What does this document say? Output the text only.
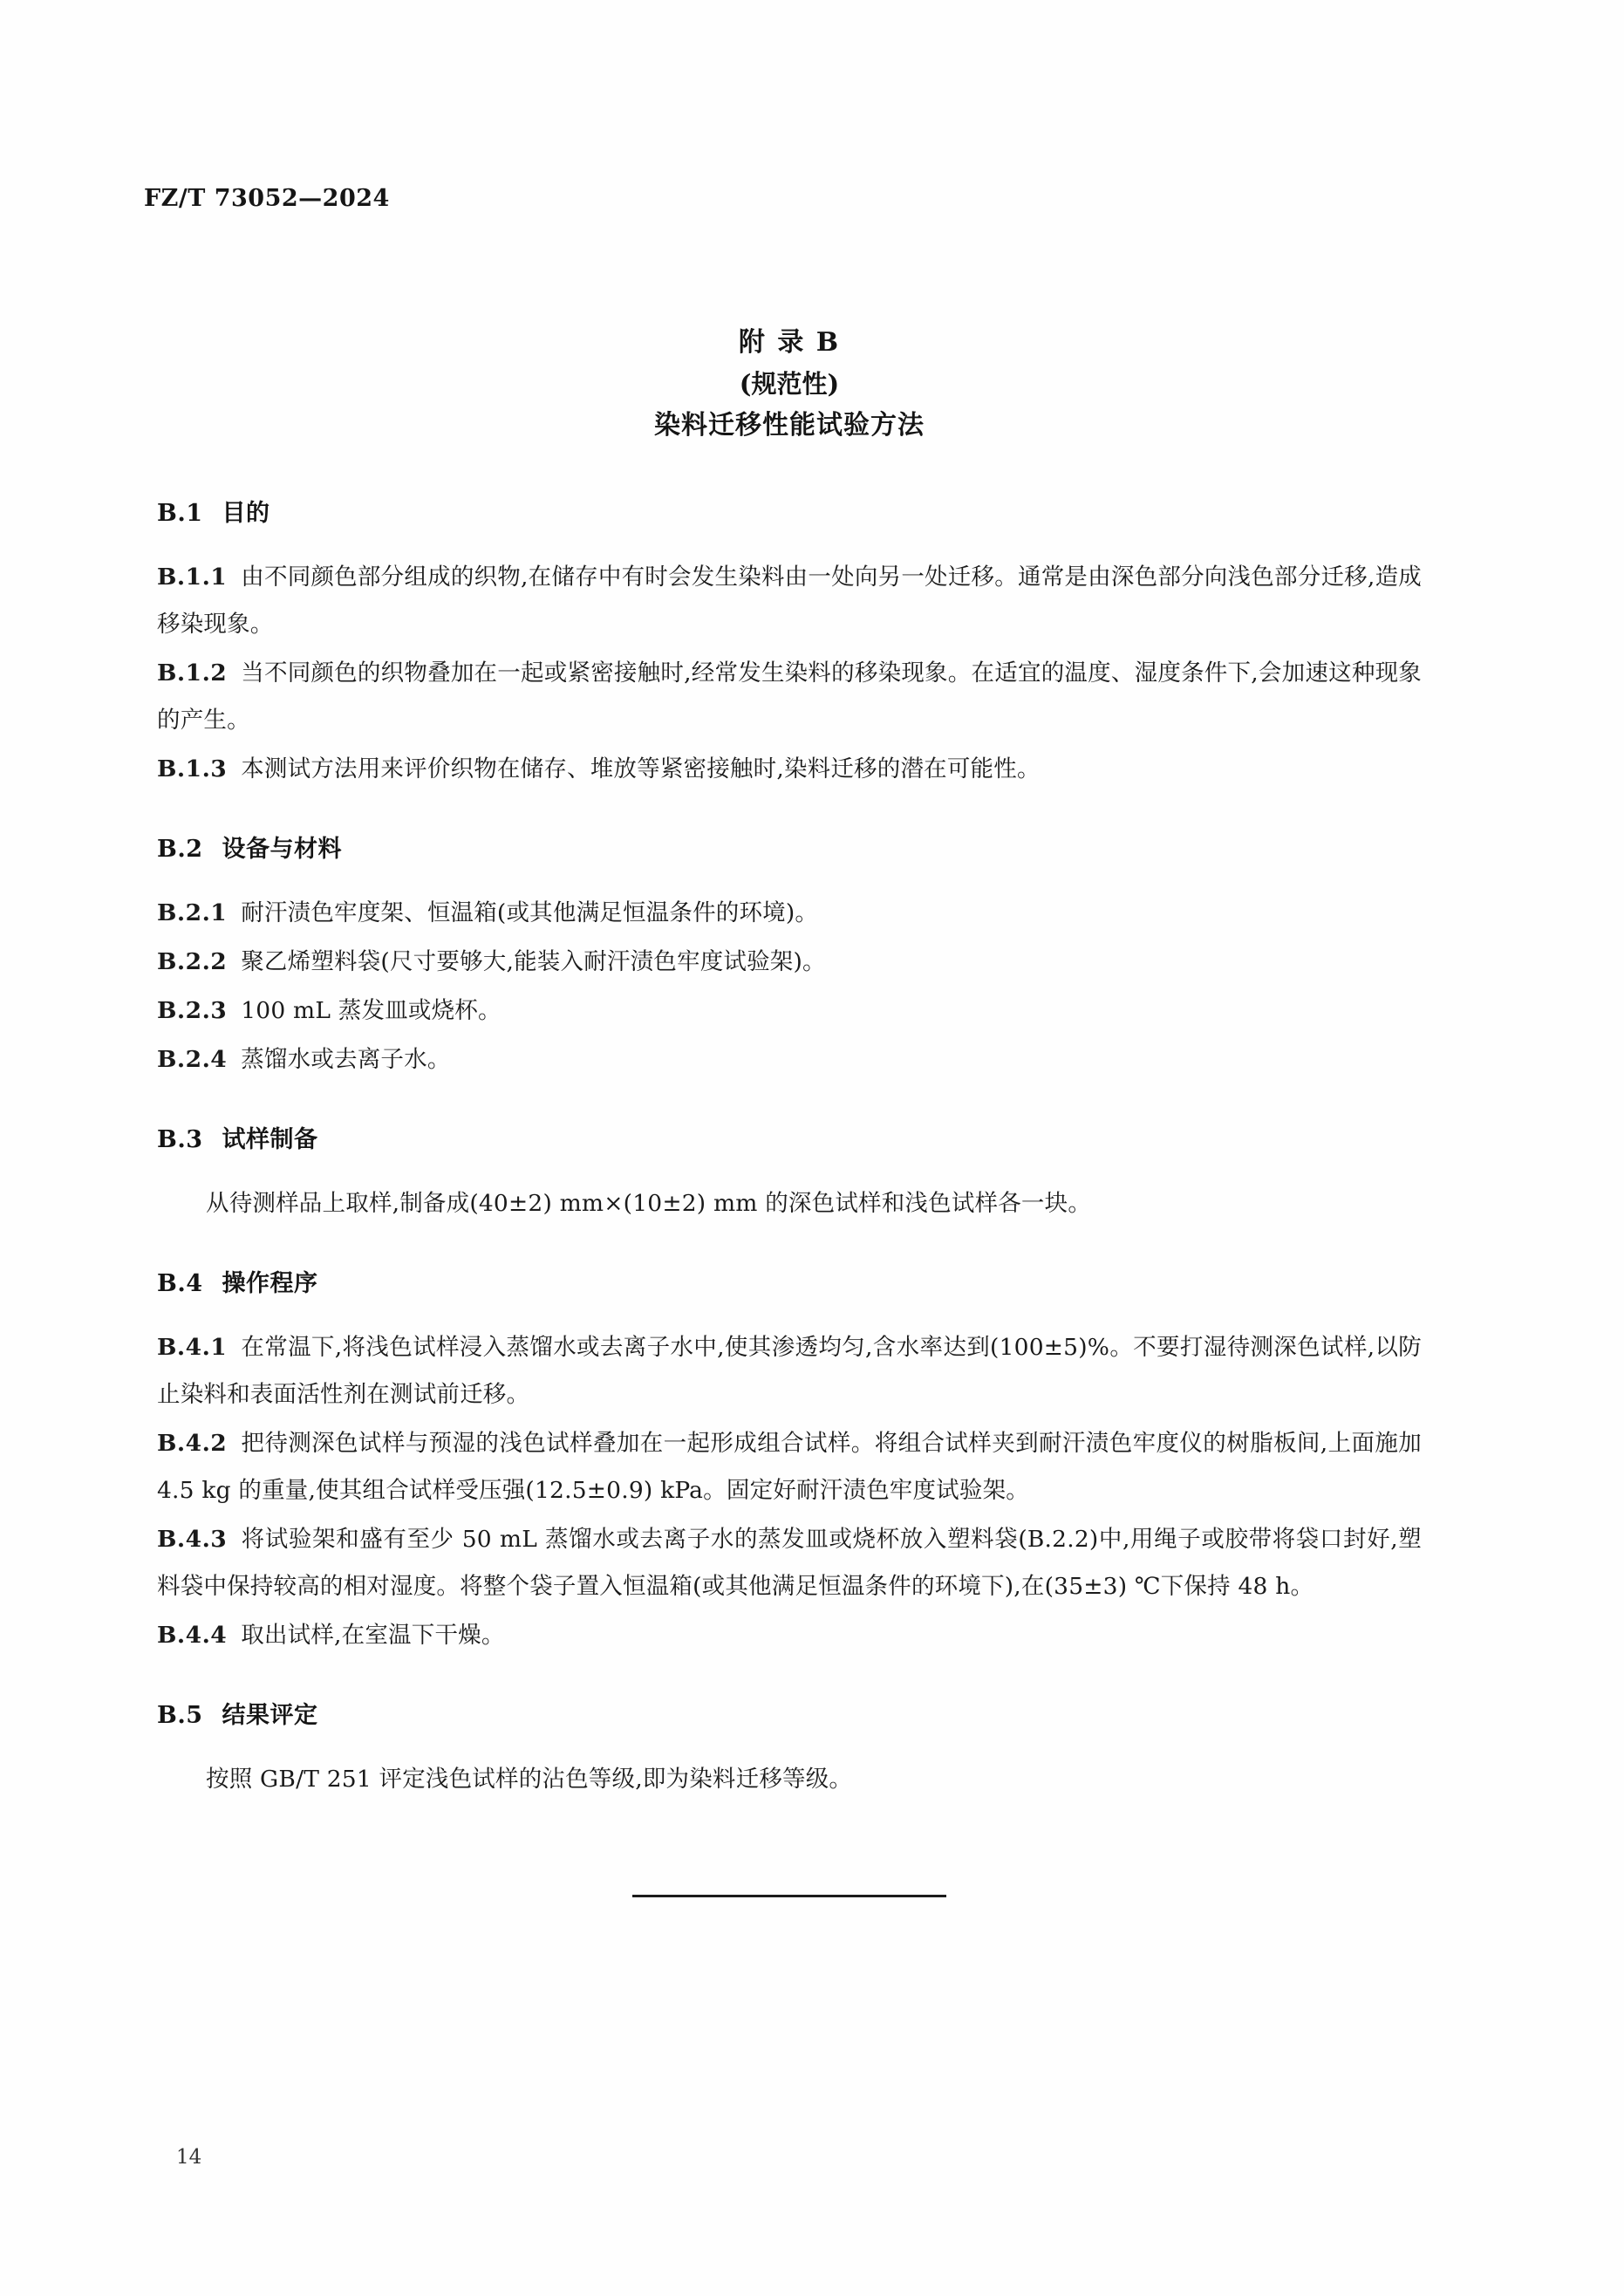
FZ/T 73052—2024
附 录 B
(规范性)
染料迁移性能试验方法
B.1 目的

B.1.1 由不同颜色部分组成的织物,在储存中有时会发生染料由一处向另一处迁移。通常是由深色部分向浅色部分迁移,造成移染现象。

B.1.2 当不同颜色的织物叠加在一起或紧密接触时,经常发生染料的移染现象。在适宜的温度、湿度条件下,会加速这种现象的产生。

B.1.3 本测试方法用来评价织物在储存、堆放等紧密接触时,染料迁移的潜在可能性。

B.2 设备与材料

B.2.1 耐汗渍色牢度架、恒温箱(或其他满足恒温条件的环境)。

B.2.2 聚乙烯塑料袋(尺寸要够大,能装入耐汗渍色牢度试验架)。

B.2.3 100 mL 蒸发皿或烧杯。

B.2.4 蒸馏水或去离子水。

B.3 试样制备

从待测样品上取样,制备成(40±2) mm×(10±2) mm 的深色试样和浅色试样各一块。

B.4 操作程序

B.4.1 在常温下,将浅色试样浸入蒸馏水或去离子水中,使其渗透均匀,含水率达到(100±5)%。不要打湿待测深色试样,以防止染料和表面活性剂在测试前迁移。

B.4.2 把待测深色试样与预湿的浅色试样叠加在一起形成组合试样。将组合试样夹到耐汗渍色牢度仪的树脂板间,上面施加 4.5 kg 的重量,使其组合试样受压强(12.5±0.9) kPa。固定好耐汗渍色牢度试验架。

B.4.3 将试验架和盛有至少 50 mL 蒸馏水或去离子水的蒸发皿或烧杯放入塑料袋(B.2.2)中,用绳子或胶带将袋口封好,塑料袋中保持较高的相对湿度。将整个袋子置入恒温箱(或其他满足恒温条件的环境下),在(35±3) ℃下保持 48 h。

B.4.4 取出试样,在室温下干燥。

B.5 结果评定

按照 GB/T 251 评定浅色试样的沾色等级,即为染料迁移等级。

14
